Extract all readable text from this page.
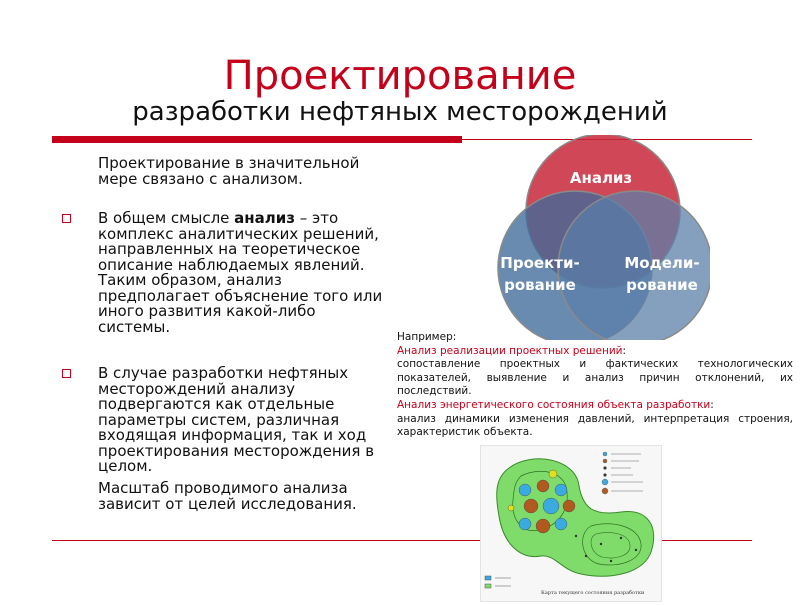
Проектирование
разработки нефтяных месторождений
Проектирование в значительной мере связано с анализом.
В общем смысле анализ – это комплекс аналитических решений, направленных на теоретическое описание наблюдаемых явлений. Таким образом, анализ предполагает объяснение того или иного развития какой-либо системы.
В случае разработки нефтяных месторождений анализу подвергаются как отдельные параметры систем, различная входящая информация, так и ход проектирования месторождения в целом.
Масштаб проводимого анализа зависит от целей исследования.
Анализ
Проекти-
рование
Модели-
рование
Например:
Анализ реализации проектных решений:
сопоставление проектных и фактических технологических показателей, выявление и анализ причин отклонений, их последствий.
Анализ энергетического состояния объекта разработки:
анализ динамики изменения давлений, интерпретация строения, характеристик объекта.
Карта текущего состояния разработки
